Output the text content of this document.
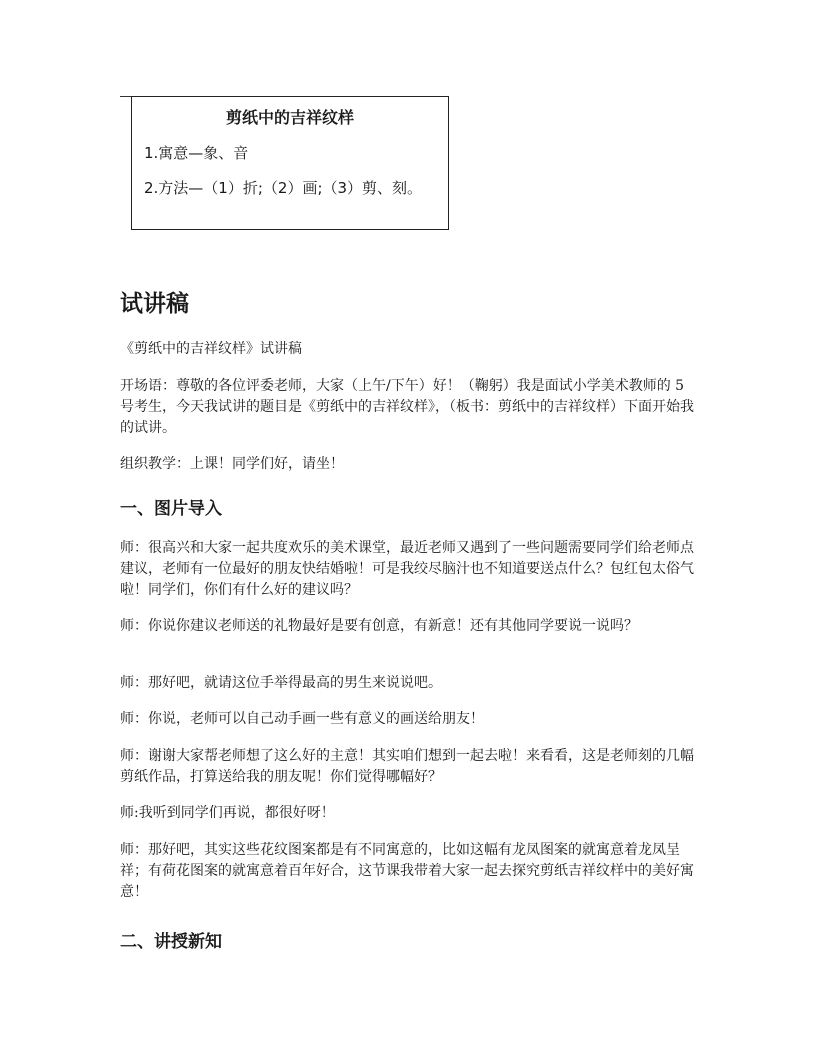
剪纸中的吉祥纹样
1.寓意—象、音
2.方法—（1）折;（2）画;（3）剪、刻。
试讲稿
《剪纸中的吉祥纹样》试讲稿
开场语：尊敬的各位评委老师，大家（上午/下午）好！（鞠躬）我是面试小学美术教师的 5 号考生，今天我试讲的题目是《剪纸中的吉祥纹样》，（板书：剪纸中的吉祥纹样）下面开始我的试讲。
组织教学：上课！同学们好，请坐！
一、图片导入
师：很高兴和大家一起共度欢乐的美术课堂，最近老师又遇到了一些问题需要同学们给老师点建议，老师有一位最好的朋友快结婚啦！可是我绞尽脑汁也不知道要送点什么？包红包太俗气啦！同学们，你们有什么好的建议吗？
师：你说你建议老师送的礼物最好是要有创意，有新意！还有其他同学要说一说吗？
师：那好吧，就请这位手举得最高的男生来说说吧。
师：你说，老师可以自己动手画一些有意义的画送给朋友！
师：谢谢大家帮老师想了这么好的主意！其实咱们想到一起去啦！来看看，这是老师刻的几幅剪纸作品，打算送给我的朋友呢！你们觉得哪幅好？
师:我听到同学们再说，都很好呀！
师：那好吧，其实这些花纹图案都是有不同寓意的，比如这幅有龙凤图案的就寓意着龙凤呈祥；有荷花图案的就寓意着百年好合，这节课我带着大家一起去探究剪纸吉祥纹样中的美好寓意！
二、讲授新知
